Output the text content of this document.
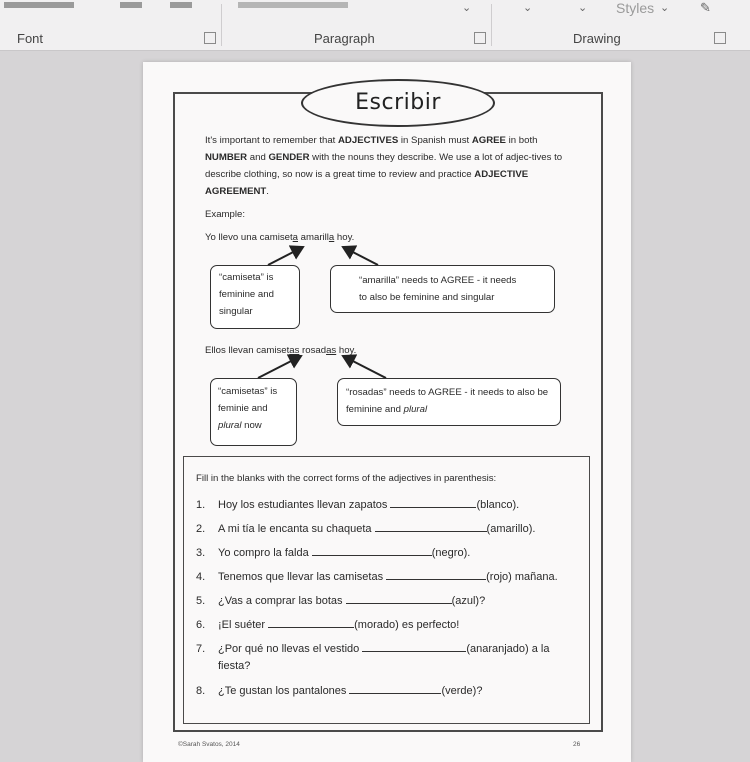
⌄	⌄	⌄ Styles ⌄ ✎
Font	Paragraph	Drawing
Escribir
It's important to remember that ADJECTIVES in Spanish must AGREE in both NUMBER and GENDER with the nouns they describe. We use a lot of adjec-tives to describe clothing, so now is a great time to review and practice ADJECTIVE AGREEMENT.
Example:
Yo llevo una camiseta amarilla hoy.
“camiseta” is feminine and singular
“amarilla” needs to AGREE - it needs to also be feminine and singular
Ellos llevan camisetas rosadas hoy.
“camisetas” is feminie and plural now
“rosadas” needs to AGREE - it needs to also be feminine and plural
Fill in the blanks with the correct forms of the adjectives in parenthesis:
1. Hoy los estudiantes llevan zapatos	(blanco).
2. A mi tía le encanta su chaqueta	(amarillo).
3. Yo compro la falda	(negro).
4. Tenemos que llevar las camisetas	(rojo) mañana.
5. ¿Vas a comprar las botas	(azul)?
6. ¡El suéter	(morado) es perfecto!
7. ¿Por qué no llevas el vestido	(anaranjado) a la
fiesta?
8. ¿Te gustan los pantalones	(verde)?
©Sarah Svatos, 2014	26
